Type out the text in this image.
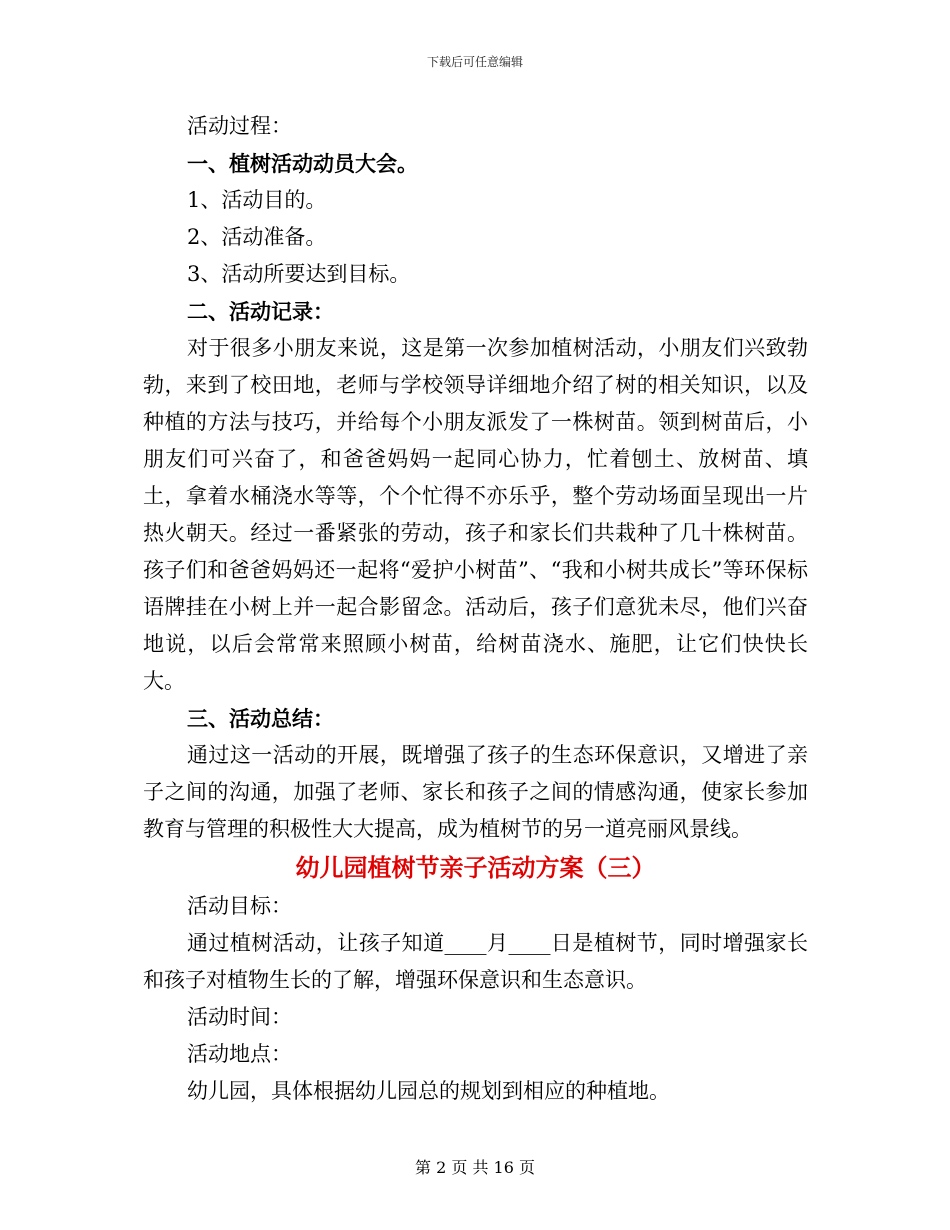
下载后可任意编辑

活动过程：

一、植树活动动员大会。

1、活动目的。

2、活动准备。

3、活动所要达到目标。

二、活动记录：

对于很多小朋友来说，这是第一次参加植树活动，小朋友们兴致勃勃，来到了校田地，老师与学校领导详细地介绍了树的相关知识，以及种植的方法与技巧，并给每个小朋友派发了一株树苗。领到树苗后，小朋友们可兴奋了，和爸爸妈妈一起同心协力，忙着刨土、放树苗、填土，拿着水桶浇水等等，个个忙得不亦乐乎，整个劳动场面呈现出一片热火朝天。经过一番紧张的劳动，孩子和家长们共栽种了几十株树苗。孩子们和爸爸妈妈还一起将“爱护小树苗”、“我和小树共成长”等环保标语牌挂在小树上并一起合影留念。活动后，孩子们意犹未尽，他们兴奋地说，以后会常常来照顾小树苗，给树苗浇水、施肥，让它们快快长大。

三、活动总结：

通过这一活动的开展，既增强了孩子的生态环保意识，又增进了亲子之间的沟通，加强了老师、家长和孩子之间的情感沟通，使家长参加教育与管理的积极性大大提高，成为植树节的另一道亮丽风景线。

幼儿园植树节亲子活动方案（三）

活动目标：

通过植树活动，让孩子知道____月____日是植树节，同时增强家长和孩子对植物生长的了解，增强环保意识和生态意识。

活动时间：

活动地点：

幼儿园，具体根据幼儿园总的规划到相应的种植地。

第 2 页 共 16 页
